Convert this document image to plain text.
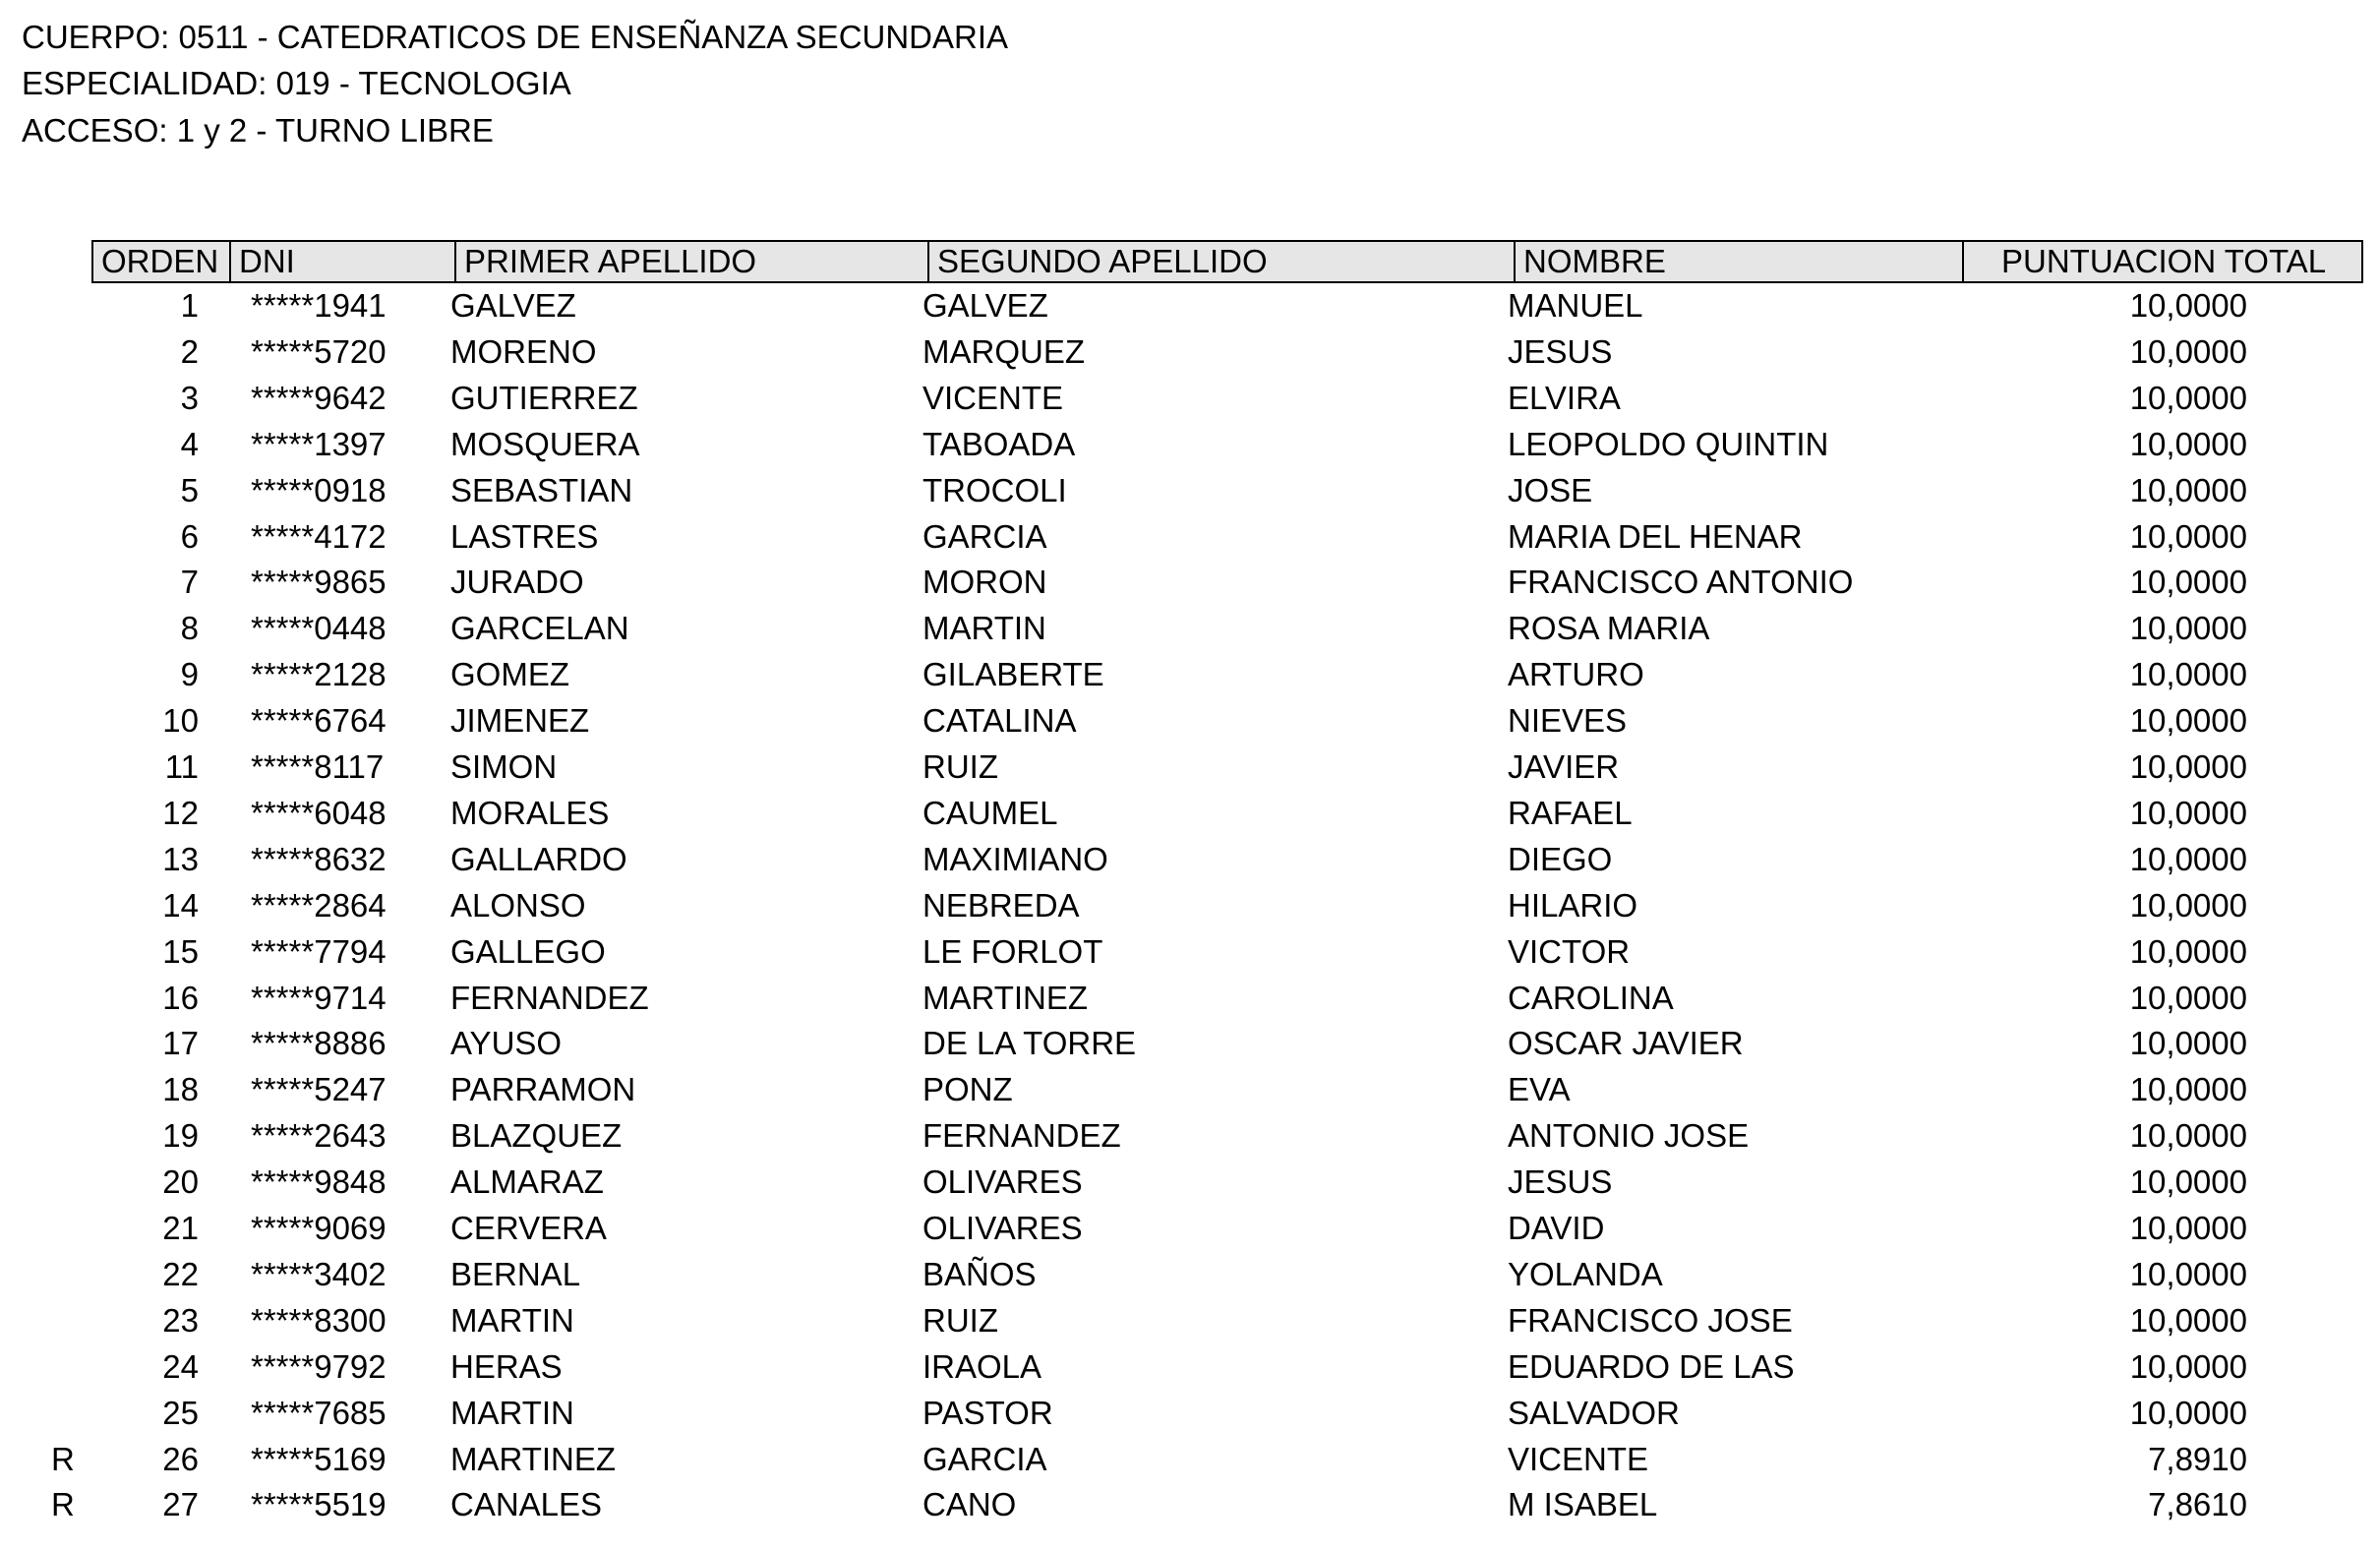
CUERPO: 0511 - CATEDRATICOS DE ENSEÑANZA SECUNDARIA
ESPECIALIDAD: 019 - TECNOLOGIA
ACCESO: 1 y 2 - TURNO LIBRE
ORDEN DNI	PRIMER APELLIDO	SEGUNDO APELLIDO	NOMBRE	PUNTUACION TOTAL
1 *****1941 GALVEZ	GALVEZ	MANUEL	10,0000
2 *****5720 MORENO	MARQUEZ	JESUS	10,0000
3 *****9642 GUTIERREZ	VICENTE	ELVIRA	10,0000
4 *****1397 MOSQUERA	TABOADA	LEOPOLDO QUINTIN	10,0000
5 *****0918 SEBASTIAN	TROCOLI	JOSE	10,0000
6 *****4172 LASTRES	GARCIA	MARIA DEL HENAR	10,0000
7 *****9865 JURADO	MORON	FRANCISCO ANTONIO	10,0000
8 *****0448 GARCELAN	MARTIN	ROSA MARIA	10,0000
9 *****2128 GOMEZ	GILABERTE	ARTURO	10,0000
10 *****6764 JIMENEZ	CATALINA	NIEVES	10,0000
11 *****8117 SIMON	RUIZ	JAVIER	10,0000
12 *****6048 MORALES	CAUMEL	RAFAEL	10,0000
13 *****8632 GALLARDO	MAXIMIANO	DIEGO	10,0000
14 *****2864 ALONSO	NEBREDA	HILARIO	10,0000
15 *****7794 GALLEGO	LE FORLOT	VICTOR	10,0000
16 *****9714 FERNANDEZ	MARTINEZ	CAROLINA	10,0000
17 *****8886 AYUSO	DE LA TORRE	OSCAR JAVIER	10,0000
18 *****5247 PARRAMON	PONZ	EVA	10,0000
19 *****2643 BLAZQUEZ	FERNANDEZ	ANTONIO JOSE	10,0000
20 *****9848 ALMARAZ	OLIVARES	JESUS	10,0000
21 *****9069 CERVERA	OLIVARES	DAVID	10,0000
22 *****3402 BERNAL	BAÑOS	YOLANDA	10,0000
23 *****8300 MARTIN	RUIZ	FRANCISCO JOSE	10,0000
24 *****9792 HERAS	IRAOLA	EDUARDO DE LAS	10,0000
25 *****7685 MARTIN	PASTOR	SALVADOR	10,0000
R	26 *****5169 MARTINEZ	GARCIA	VICENTE	7,8910
R	27 *****5519 CANALES	CANO	M ISABEL	7,8610
